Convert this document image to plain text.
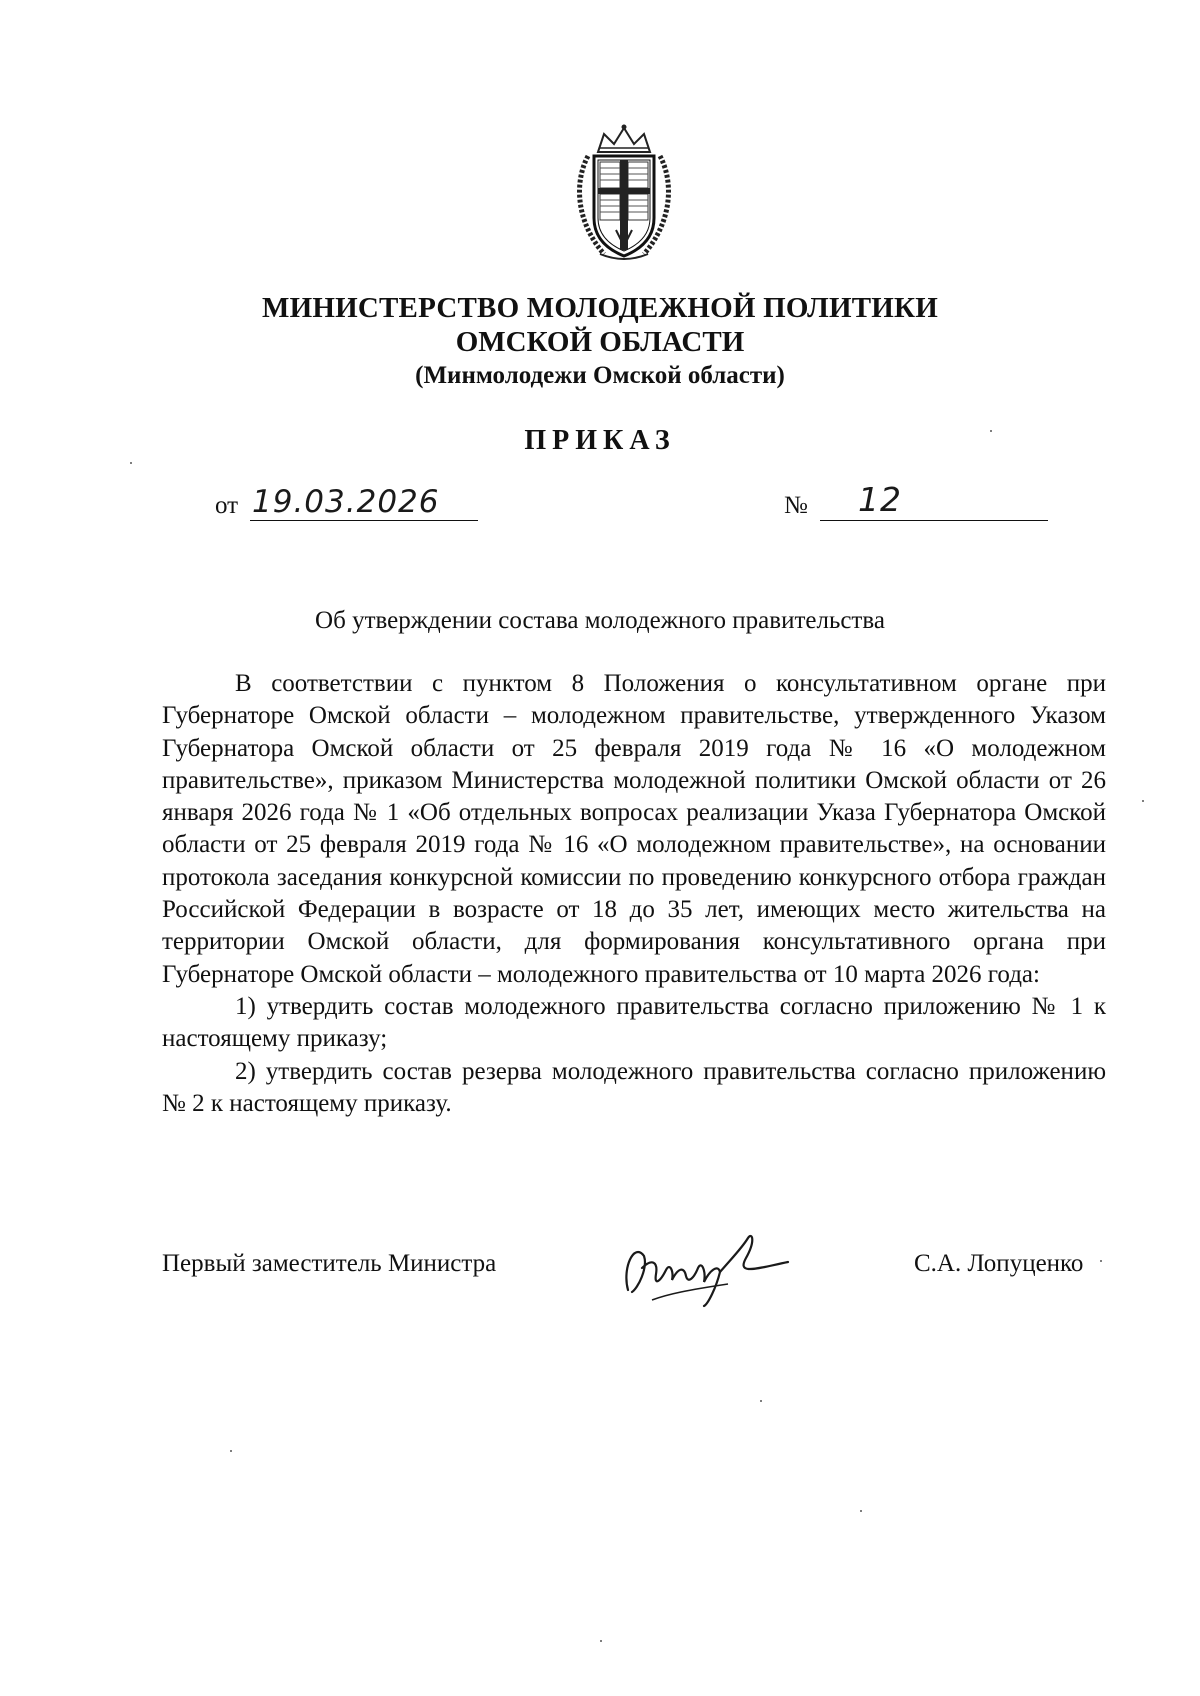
МИНИСТЕРСТВО МОЛОДЕЖНОЙ ПОЛИТИКИ
ОМСКОЙ ОБЛАСТИ
(Минмолодежи Омской области)
ПРИКАЗ
от 19.03.2026	№ 12
Об утверждении состава молодежного правительства

В соответствии с пунктом 8 Положения о консультативном органе при Губернаторе Омской области – молодежном правительстве, утвержденного Указом Губернатора Омской области от 25 февраля 2019 года № 16 «О молодежном правительстве», приказом Министерства молодежной политики Омской области от 26 января 2026 года № 1 «Об отдельных вопросах реализации Указа Губернатора Омской области от 25 февраля 2019 года № 16 «О молодежном правительстве», на основании протокола заседания конкурсной комиссии по проведению конкурсного отбора граждан Российской Федерации в возрасте от 18 до 35 лет, имеющих место жительства на территории Омской области, для формирования консультативного органа при Губернаторе Омской области – молодежного правительства от 10 марта 2026 года:

1) утвердить состав молодежного правительства согласно приложению № 1 к настоящему приказу;

2) утвердить состав резерва молодежного правительства согласно приложению № 2 к настоящему приказу.

Первый заместитель Министра	С.А. Лопуценко
